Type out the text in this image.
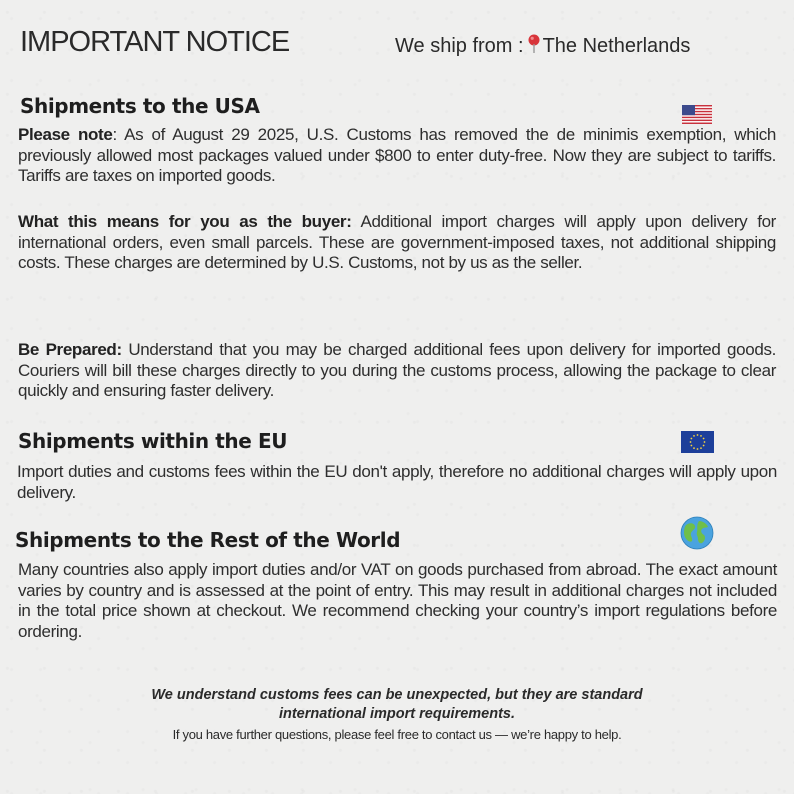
IMPORTANT NOTICE	We ship from : The Netherlands
Shipments to the USA
Please note: As of August 29 2025, U.S. Customs has removed the de minimis exemption, which previously allowed most packages valued under $800 to enter duty-free. Now they are subject to tariffs. Tariffs are taxes on imported goods.
What this means for you as the buyer: Additional import charges will apply upon delivery for international orders, even small parcels. These are government-imposed taxes, not additional shipping costs. These charges are determined by U.S. Customs, not by us as the seller.
Be Prepared: Understand that you may be charged additional fees upon delivery for imported goods. Couriers will bill these charges directly to you during the customs process, allowing the package to clear quickly and ensuring faster delivery.
Shipments within the EU
Import duties and customs fees within the EU don't apply, therefore no additional charges will apply upon delivery.
Shipments to the Rest of the World
Many countries also apply import duties and/or VAT on goods purchased from abroad. The exact amount varies by country and is assessed at the point of entry. This may result in additional charges not included in the total price shown at checkout. We recommend checking your country’s import regulations before ordering.
We understand customs fees can be unexpected, but they are standard
international import requirements.
If you have further questions, please feel free to contact us — we’re happy to help.
